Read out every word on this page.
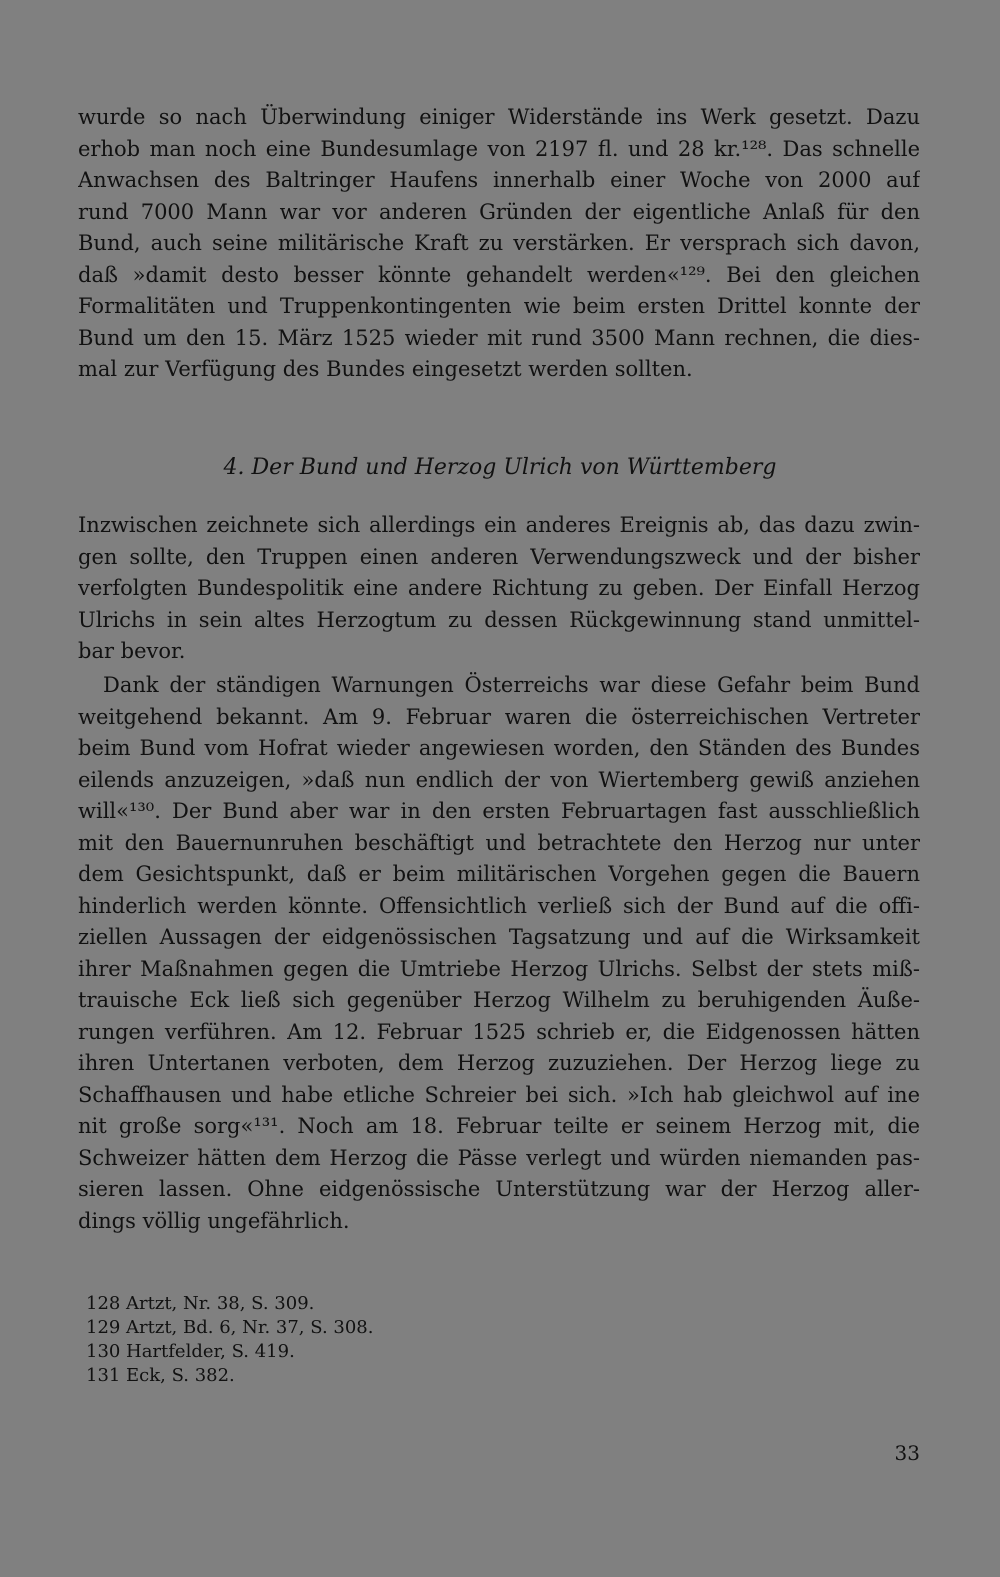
wurde so nach Überwindung einiger Widerstände ins Werk gesetzt. Dazu
erhob man noch eine Bundesumlage von 2197 fl. und 28 kr.¹²⁸. Das schnelle
Anwachsen des Baltringer Haufens innerhalb einer Woche von 2000 auf
rund 7000 Mann war vor anderen Gründen der eigentliche Anlaß für den
Bund, auch seine militärische Kraft zu verstärken. Er versprach sich davon,
daß »damit desto besser könnte gehandelt werden«¹²⁹. Bei den gleichen
Formalitäten und Truppenkontingenten wie beim ersten Drittel konnte der
Bund um den 15. März 1525 wieder mit rund 3500 Mann rechnen, die dies-
mal zur Verfügung des Bundes eingesetzt werden sollten.
4. Der Bund und Herzog Ulrich von Württemberg
Inzwischen zeichnete sich allerdings ein anderes Ereignis ab, das dazu zwin-
gen sollte, den Truppen einen anderen Verwendungszweck und der bisher
verfolgten Bundespolitik eine andere Richtung zu geben. Der Einfall Herzog
Ulrichs in sein altes Herzogtum zu dessen Rückgewinnung stand unmittel-
bar bevor.
Dank der ständigen Warnungen Österreichs war diese Gefahr beim Bund
weitgehend bekannt. Am 9. Februar waren die österreichischen Vertreter
beim Bund vom Hofrat wieder angewiesen worden, den Ständen des Bundes
eilends anzuzeigen, »daß nun endlich der von Wiertemberg gewiß anziehen
will«¹³⁰. Der Bund aber war in den ersten Februartagen fast ausschließlich
mit den Bauernunruhen beschäftigt und betrachtete den Herzog nur unter
dem Gesichtspunkt, daß er beim militärischen Vorgehen gegen die Bauern
hinderlich werden könnte. Offensichtlich verließ sich der Bund auf die offi-
ziellen Aussagen der eidgenössischen Tagsatzung und auf die Wirksamkeit
ihrer Maßnahmen gegen die Umtriebe Herzog Ulrichs. Selbst der stets miß-
trauische Eck ließ sich gegenüber Herzog Wilhelm zu beruhigenden Äuße-
rungen verführen. Am 12. Februar 1525 schrieb er, die Eidgenossen hätten
ihren Untertanen verboten, dem Herzog zuzuziehen. Der Herzog liege zu
Schaffhausen und habe etliche Schreier bei sich. »Ich hab gleichwol auf ine
nit große sorg«¹³¹. Noch am 18. Februar teilte er seinem Herzog mit, die
Schweizer hätten dem Herzog die Pässe verlegt und würden niemanden pas-
sieren lassen. Ohne eidgenössische Unterstützung war der Herzog aller-
dings völlig ungefährlich.
128 Artzt, Nr. 38, S. 309.
129 Artzt, Bd. 6, Nr. 37, S. 308.
130 Hartfelder, S. 419.
131 Eck, S. 382.
33
